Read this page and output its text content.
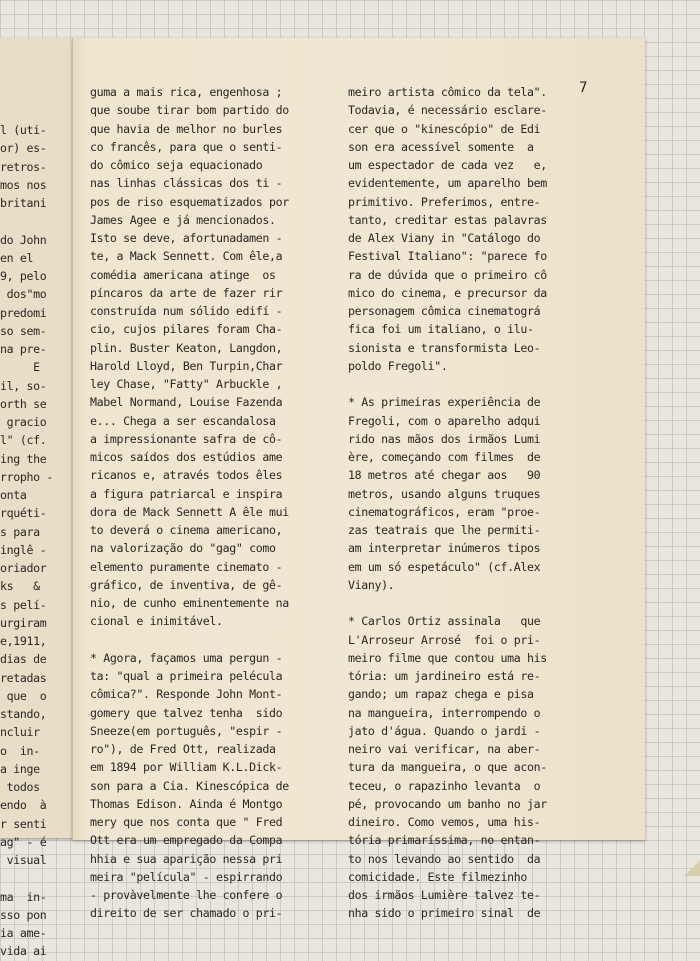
l (uti-
or) es-
retros-
mos nos
britani
do John
en el
9, pelo
dos"mo
predomi
so sem-
na pre-
E
il, so-
orth se
gracio
l" (cf.
ing the
rropho -
onta
rquéti-
s para
inglê -
oriador
ks   &
s pelí-
urgiram
e,1911,
dias de
retadas
que  o
stando,
ncluir
o  in-
a inge
todos
endo  à
r senti
ag" - é
visual
ma  in-
sso pon
ia ame-
vida ai
guma a mais rica, engenhosa ;
que soube tirar bom partido do
que havia de melhor no burles
co francês, para que o senti-
do cômico seja equacionado
nas linhas clássicas dos ti -
pos de riso esquematizados por
James Agee e já mencionados.
Isto se deve, afortunadamen -
te, a Mack Sennett. Com êle,a
comédia americana atinge  os
píncaros da arte de fazer rir
construída num sólido edifí -
cio, cujos pilares foram Cha-
plin. Buster Keaton, Langdon,
Harold Lloyd, Ben Turpin,Char
ley Chase, "Fatty" Arbuckle ,
Mabel Normand, Louise Fazenda
e... Chega a ser escandalosa
a impressionante safra de cô-
micos saídos dos estúdios ame
ricanos e, através todos êles
a figura patriarcal e inspira
dora de Mack Sennett A êle mui
to deverá o cinema americano,
na valorização do "gag" como
elemento puramente cinemato -
gráfico, de inventiva, de gê-
nio, de cunho eminentemente na
cional e inimitável.
* Agora, façamos uma pergun -
ta: "qual a primeira pelécula
cômica?". Responde John Mont-
gomery que talvez tenha  sido
Sneeze(em português, "espir -
ro"), de Fred Ott, realizada
em 1894 por William K.L.Dick-
son para a Cia. Kinescópica de
Thomas Edison. Ainda é Montgo
mery que nos conta que " Fred
Ott era um empregado da Compa
hhia e sua aparição nessa pri
meira "película" - espirrando
- provàvelmente lhe confere o
direito de ser chamado o pri-
meiro artista cômico da tela".
Todavia, é necessário esclare-
cer que o "kinescópio" de Edi
son era acessível somente  a
um espectador de cada vez   e,
evidentemente, um aparelho bem
primitivo. Preferimos, entre-
tanto, creditar estas palavras
de Alex Viany in "Catálogo do
Festival Italiano": "parece fo
ra de dúvida que o primeiro cô
mico do cinema, e precursor da
personagem cômica cinematográ
fica foi um italiano, o ilu-
sionista e transformista Leo-
poldo Fregoli".
* As primeiras experiência de
Fregoli, com o aparelho adqui
rido nas mãos dos irmãos Lumi
ère, começando com filmes  de
18 metros até chegar aos   90
metros, usando alguns truques
cinematográficos, eram "proe-
zas teatrais que lhe permiti-
am interpretar inúmeros tipos
em um só espetáculo" (cf.Alex
Viany).
* Carlos Ortiz assinala   que
L'Arroseur Arrosé  foi o pri-
meiro filme que contou uma his
tória: um jardineiro está re-
gando; um rapaz chega e pisa
na mangueira, interrompendo o
jato d'água. Quando o jardi -
neiro vai verificar, na aber-
tura da mangueira, o que acon-
teceu, o rapazinho levanta  o
pé, provocando um banho no jar
dineiro. Como vemos, uma his-
tória primaríssima, no entan-
to nos levando ao sentido  da
comicidade. Este filmezinho
dos irmãos Lumière talvez te-
nha sido o primeiro sinal  de
7
